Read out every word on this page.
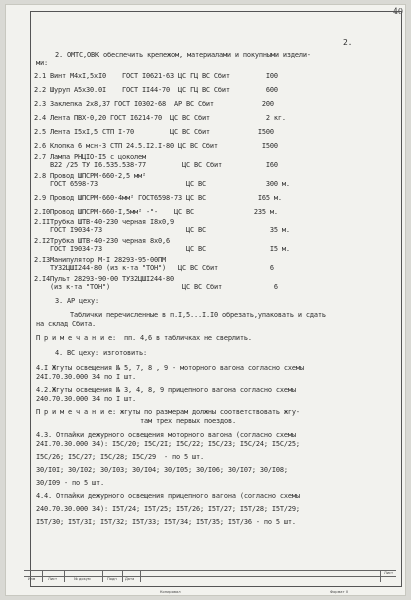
40
2.
2. ОМТС,ОВК обеспечить крепежом, материалами и покупными издели-
ми:
2.1 Винт М4хI,5хI0    ГОСТ I0621-63 ЦС ГЦ ВС Сбит         I00
2.2 Шуруп А5х30.0I    ГОСТ II44-70  ЦС ГЦ ВС Сбит         600
2.3 Заклепка 2х8,37 ГОСТ I0302-68  АР ВС Сбит            200
2.4 Лента ПВХ-0,20 ГОСТ I6214-70  ЦС ВС Сбит              2 кг.
2.5 Лента I5хI,5 СТП I-70         ЦС ВС Сбит            I500
2.6 Клопка 6 мсн-3 СТП 24.5.I2.I-80 ЦС ВС Сбит           I500
2.7 Лампа РНЦIO-I5 с цоколем
В22 /25 ТУ I6.535.538-77         ЦС ВС Сбит           I60
2.8 Провод ШПСРМ-660-2,5 мм²
ГОСТ 6598-73                      ЦС ВС               300 м.
2.9 Провод ШПСРМ-660-4мм² ГОСТ6598-73 ЦС ВС             I65 м.
2.I0Провод ШПСРМ-660-I,5мм² -"-    ЦС ВС               235 м.
2.IIТрубка ШТВ-40-230 черная I8х0,9
ГОСТ I9034-73                     ЦС ВС                35 м.
2.I2Трубка ШТВ-40-230 черная 8х0,6
ГОСТ I9034-73                     ЦС ВС                I5 м.
2.I3Манипулятор М-I 2829З-95-00ПМ
ТУ32ЦШI244-80 (из к-та "ТОН")   ЦС ВС Сбит             6
2.I4Пульт 2829З-90-00 ТУ32ЦШI244-80
(из к-та "ТОН")                  ЦС ВС Сбит             6
3. АР цеху:
Таблички перечисленные в п.I,5...I.I0 обрезать,упаковать и сдать
на склад Сбита.
П р и м е ч а н и е:  пп. 4,6 в табличках не сверлить.
4. ВС цеху: изготовить:
4.I Жгуты освещения № 5, 7, 8 , 9 - моторного вагона согласно схемы
24I.70.30.000 34 по I шт.
4.2.Жгуты освещения № 3, 4, 8, 9 прицепного вагона согласно схемы
240.70.30.000 34 по I шт.
П р и м е ч а н и е: жгуты по размерам должны соответствовать жгу-
там трех первых поездов.
4.3. Отпайки дежурного освещения моторного вагона (согласно схемы
24I.70.30.000 34): I5С/20; I5С/2I; I5С/22; I5С/23; I5С/24; I5С/25;
I5С/26; I5С/27; I5С/28; I5С/29  - по 5 шт.
30/I0I; 30/I02; 30/I03; 30/I04; 30/I05; 30/I06; 30/I07; 30/I08;
30/I09 - по 5 шт.
4.4. Отпайки дежурного освещения прицепного вагона (согласно схемы
240.70.30.000 34): I5Т/24; I5Т/25; I5Т/26; I5Т/27; I5Т/28; I5Т/29;
I5Т/30; I5Т/3I; I5Т/32; I5Т/33; I5Т/34; I5Т/35; I5Т/36 - по 5 шт.
Изм	Лист	№ докум	Подп Дата
Лист
Копировал	Формат II
